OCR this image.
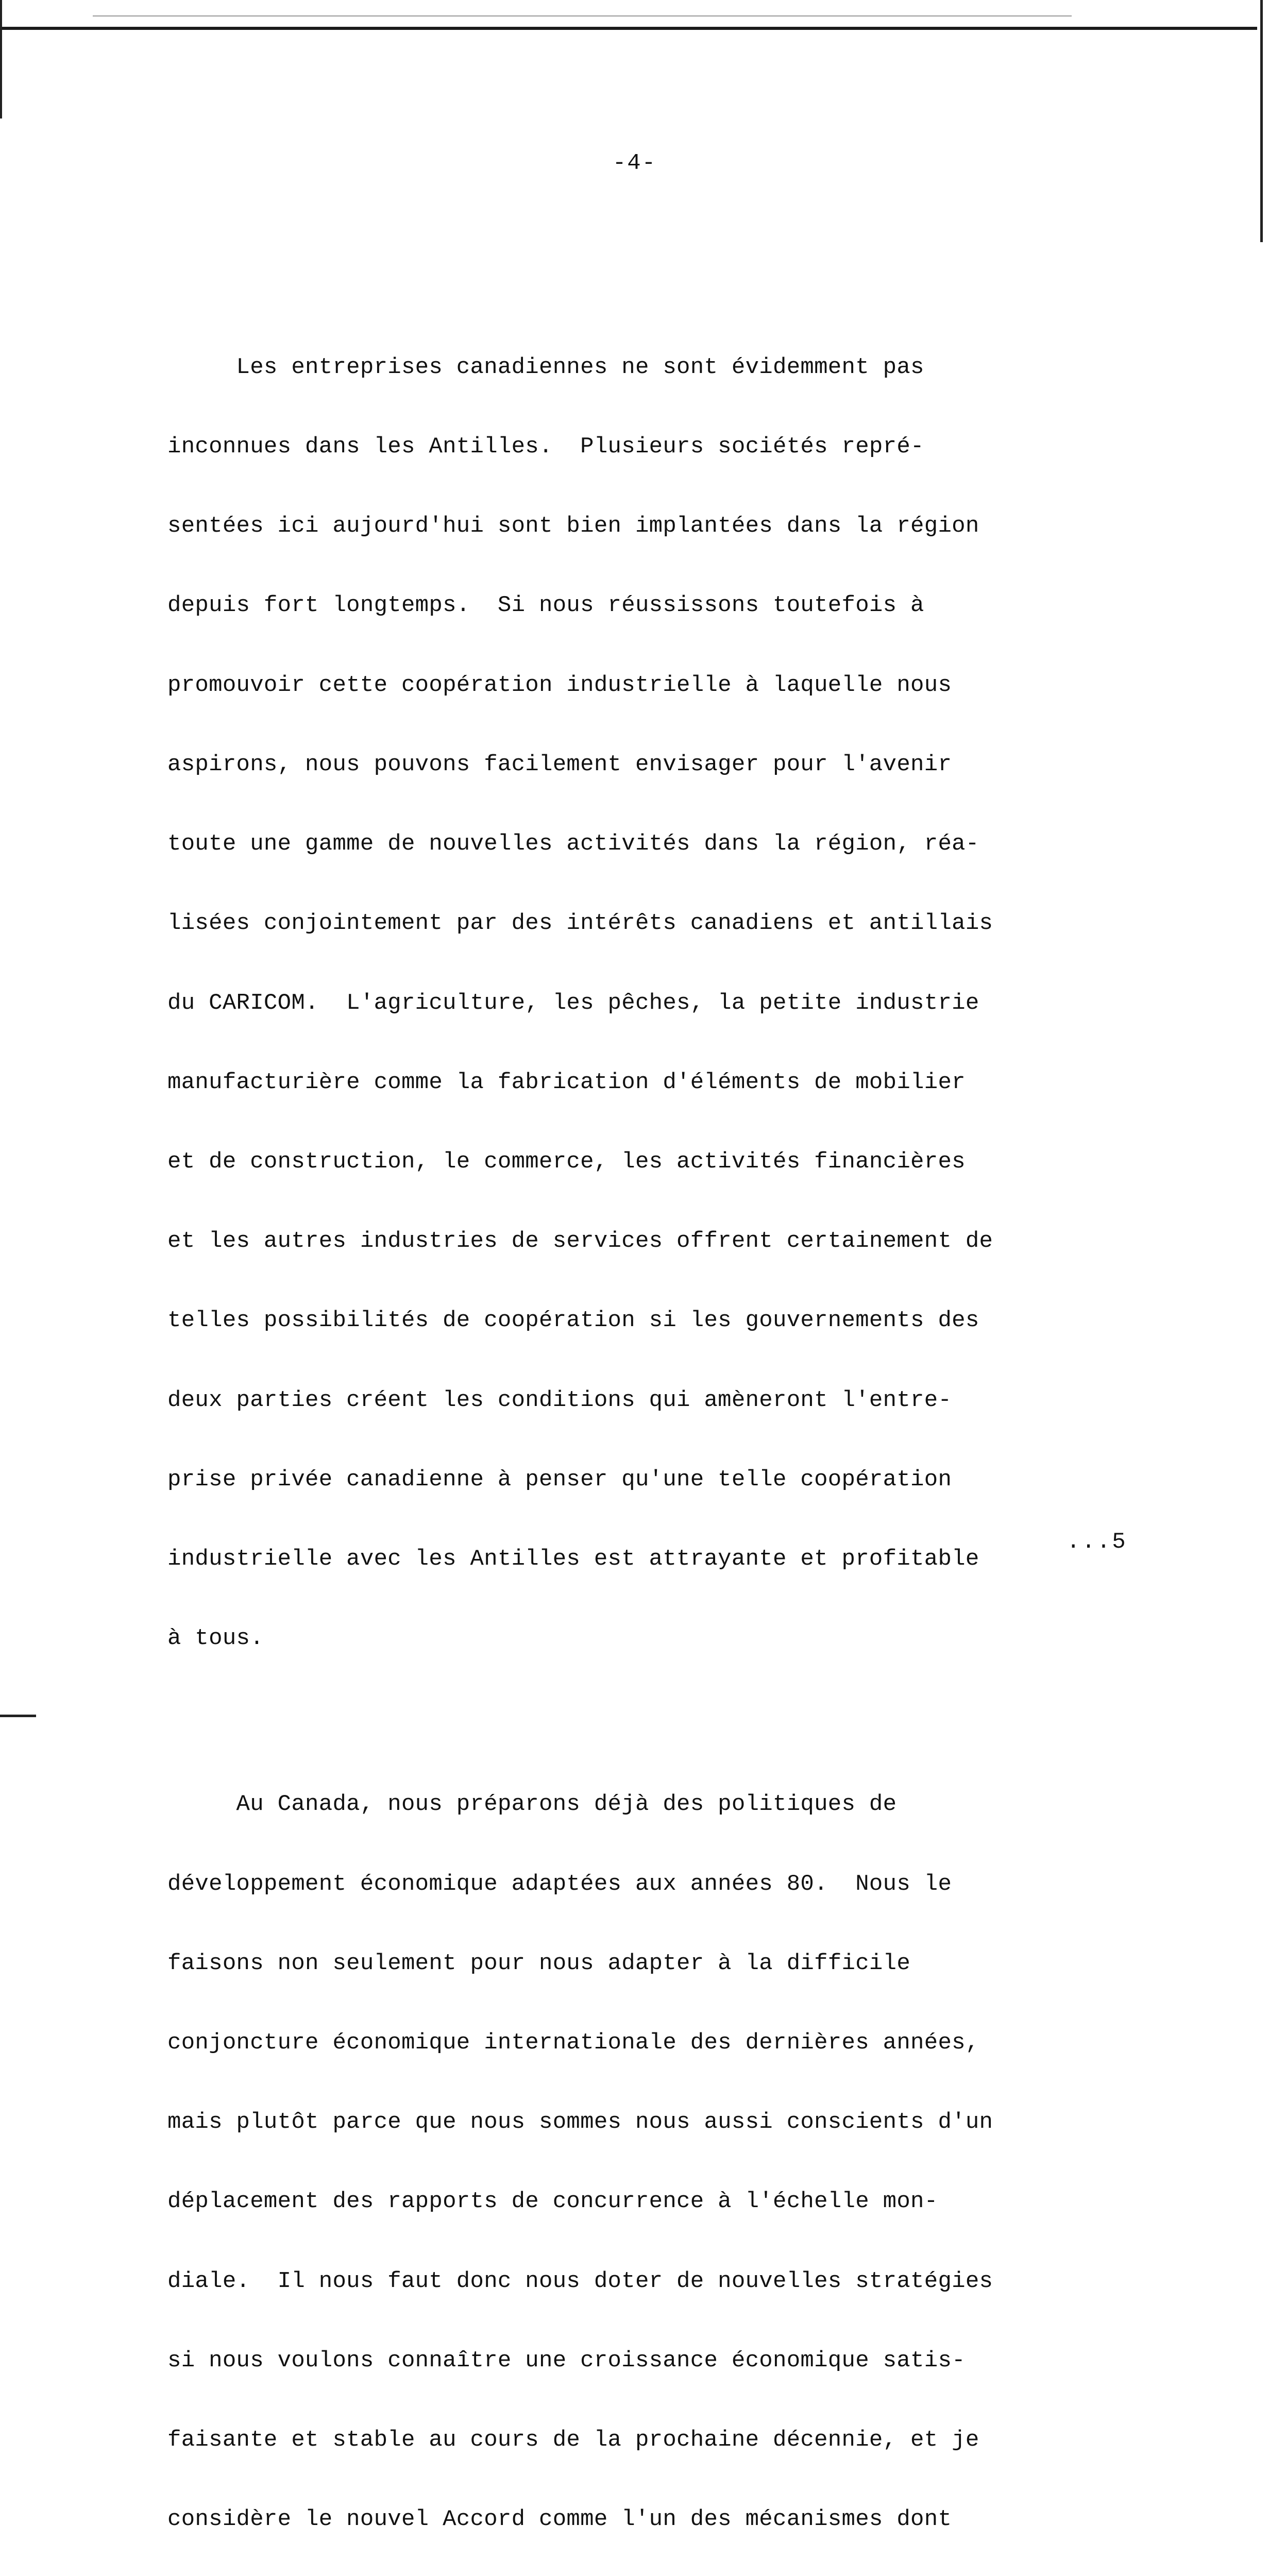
-4-

Les entreprises canadiennes ne sont évidemment pas

inconnues dans les Antilles.  Plusieurs sociétés repré-

sentées ici aujourd'hui sont bien implantées dans la région

depuis fort longtemps.  Si nous réussissons toutefois à

promouvoir cette coopération industrielle à laquelle nous

aspirons, nous pouvons facilement envisager pour l'avenir

toute une gamme de nouvelles activités dans la région, réa-

lisées conjointement par des intérêts canadiens et antillais

du CARICOM.  L'agriculture, les pêches, la petite industrie

manufacturière comme la fabrication d'éléments de mobilier

et de construction, le commerce, les activités financières

et les autres industries de services offrent certainement de

telles possibilités de coopération si les gouvernements des

deux parties créent les conditions qui amèneront l'entre-

prise privée canadienne à penser qu'une telle coopération

industrielle avec les Antilles est attrayante et profitable

à tous.

Au Canada, nous préparons déjà des politiques de

développement économique adaptées aux années 80.  Nous le

faisons non seulement pour nous adapter à la difficile

conjoncture économique internationale des dernières années,

mais plutôt parce que nous sommes nous aussi conscients d'un

déplacement des rapports de concurrence à l'échelle mon-

diale.  Il nous faut donc nous doter de nouvelles stratégies

si nous voulons connaître une croissance économique satis-

faisante et stable au cours de la prochaine décennie, et je

considère le nouvel Accord comme l'un des mécanismes dont

...5
